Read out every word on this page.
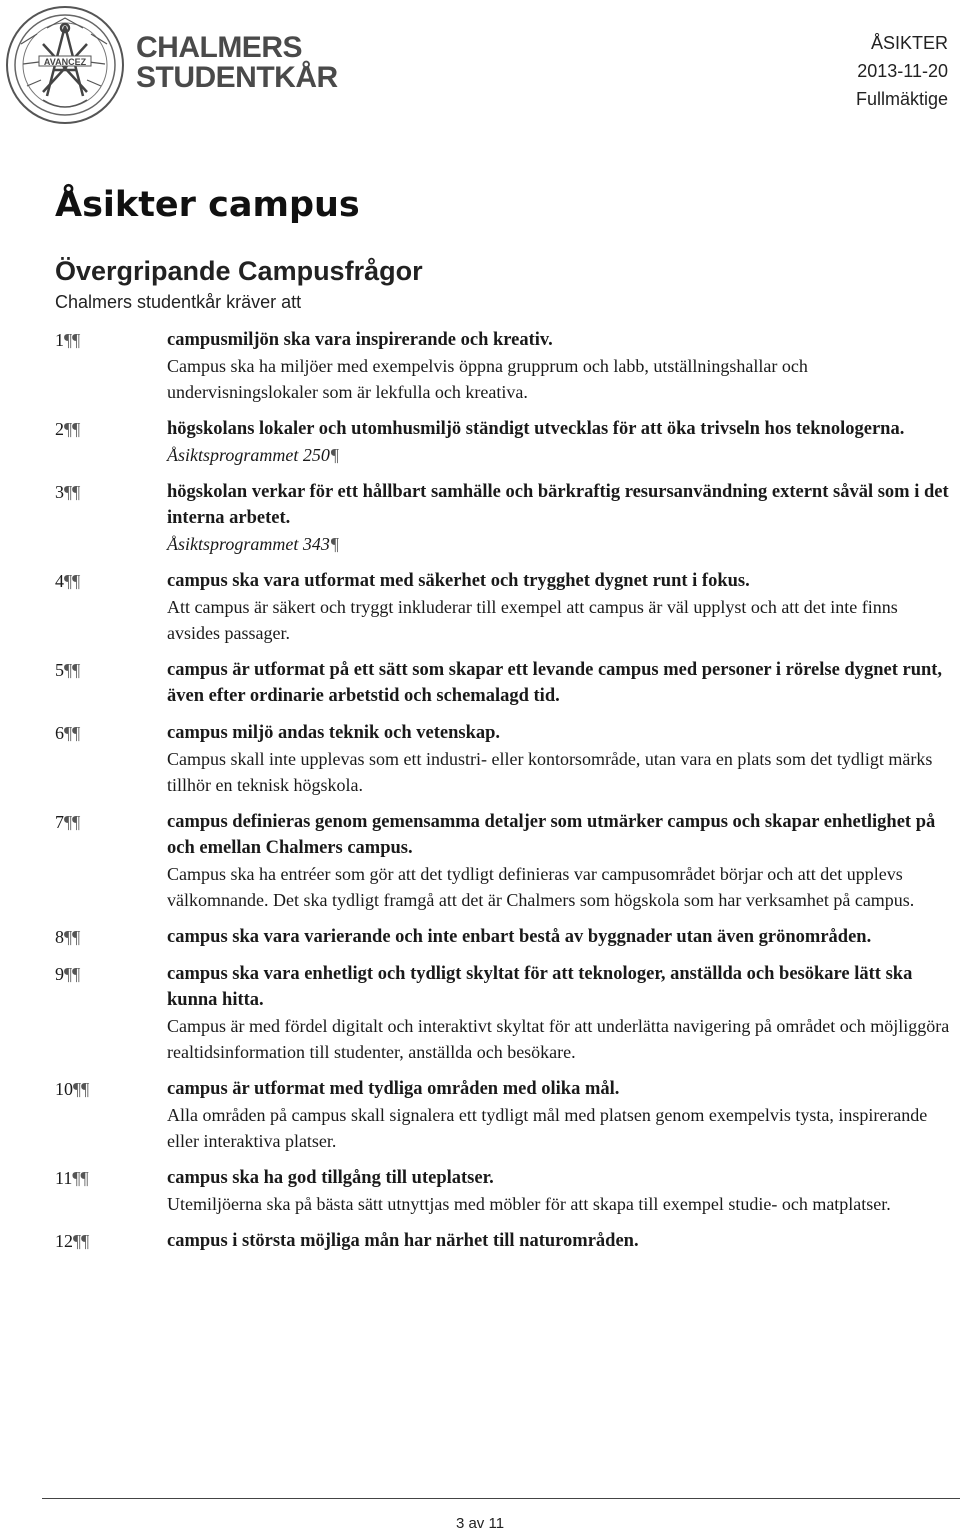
AVANCEZ CHALMERS
STUDENTKÅR
ÅSIKTER
2013-11-20
Fullmäktige
Åsikter campus
Övergripande Campusfrågor
Chalmers studentkår kräver att
1¶¶	campusmiljön ska vara inspirerande och kreativ.
Campus ska ha miljöer med exempelvis öppna grupprum och labb, utställningshallar och undervisningslokaler som är lekfulla och kreativa.
2¶¶	högskolans lokaler och utomhusmiljö ständigt utvecklas för att öka trivseln hos teknologerna.
Åsiktsprogrammet 250¶
3¶¶	högskolan verkar för ett hållbart samhälle och bärkraftig resursanvändning externt såväl som i det interna arbetet.
Åsiktsprogrammet 343¶
4¶¶	campus ska vara utformat med säkerhet och trygghet dygnet runt i fokus.
Att campus är säkert och tryggt inkluderar till exempel att campus är väl upplyst och att det inte finns avsides passager.
5¶¶	campus är utformat på ett sätt som skapar ett levande campus med personer i rörelse dygnet runt, även efter ordinarie arbetstid och schemalagd tid.
6¶¶	campus miljö andas teknik och vetenskap.
Campus skall inte upplevas som ett industri- eller kontorsområde, utan vara en plats som det tydligt märks tillhör en teknisk högskola.
7¶¶	campus definieras genom gemensamma detaljer som utmärker campus och skapar enhetlighet på och emellan Chalmers campus.
Campus ska ha entréer som gör att det tydligt definieras var campusområdet börjar och att det upplevs välkomnande. Det ska tydligt framgå att det är Chalmers som högskola som har verksamhet på campus.
8¶¶	campus ska vara varierande och inte enbart bestå av byggnader utan även grönområden.
9¶¶	campus ska vara enhetligt och tydligt skyltat för att teknologer, anställda och besökare lätt ska kunna hitta.
Campus är med fördel digitalt och interaktivt skyltat för att underlätta navigering på området och möjliggöra realtidsinformation till studenter, anställda och besökare.
10¶¶	campus är utformat med tydliga områden med olika mål.
Alla områden på campus skall signalera ett tydligt mål med platsen genom exempelvis tysta, inspirerande eller interaktiva platser.
11¶¶	campus ska ha god tillgång till uteplatser.
Utemiljöerna ska på bästa sätt utnyttjas med möbler för att skapa till exempel studie- och matplatser.
12¶¶	campus i största möjliga mån har närhet till naturområden.
3 av 11
